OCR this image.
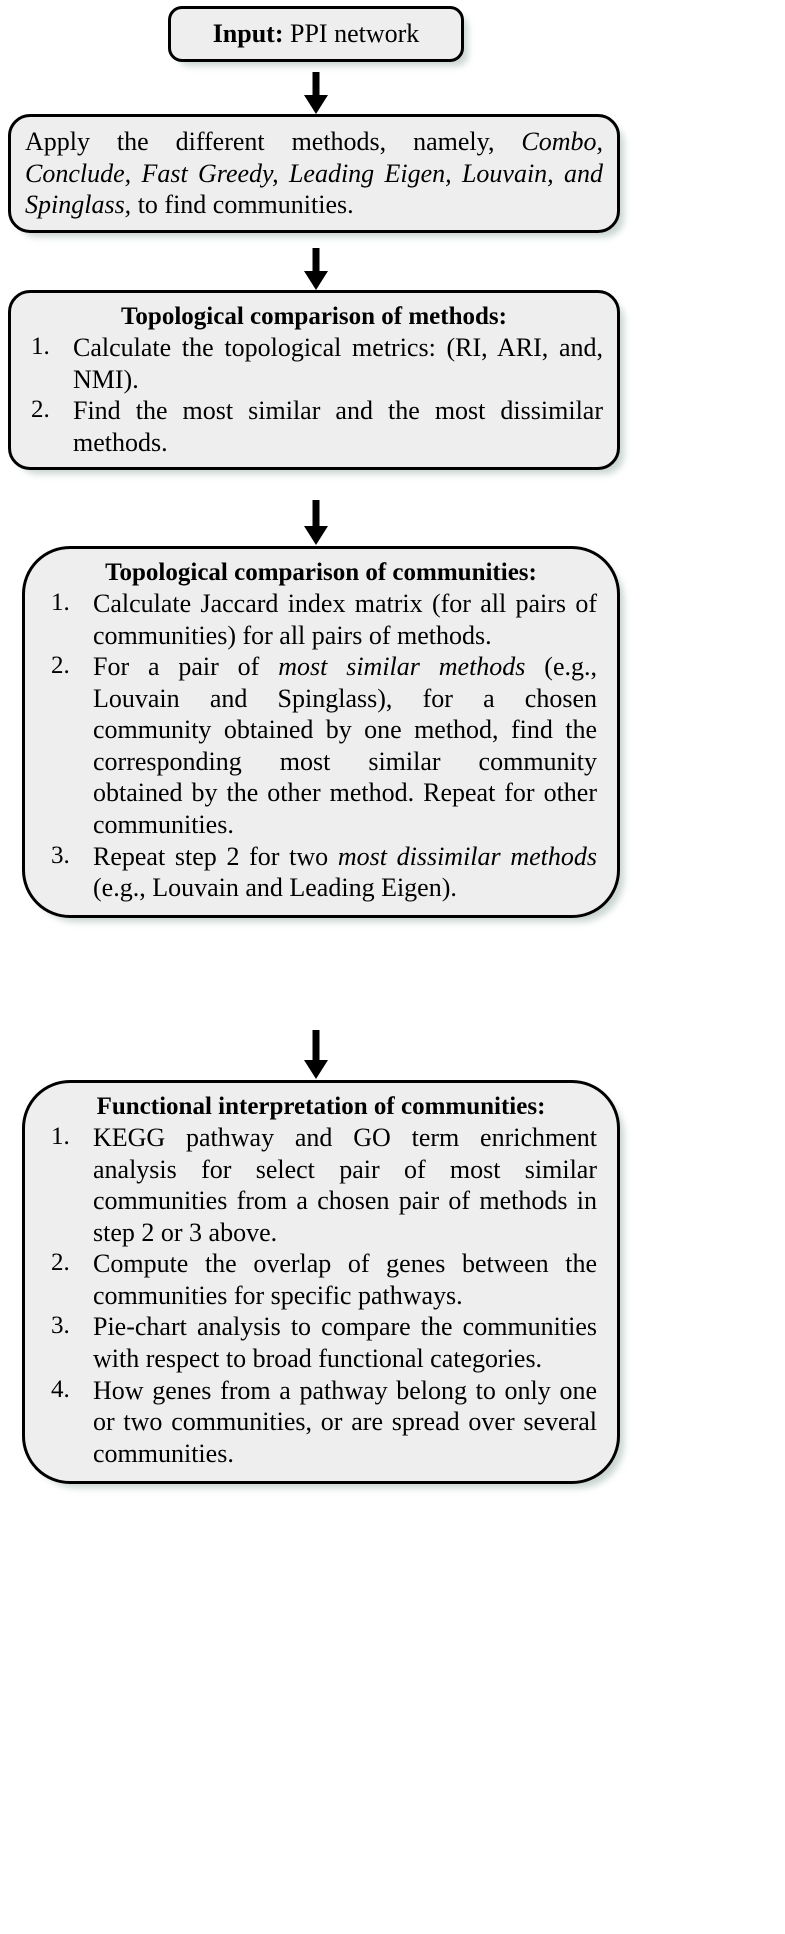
Input: PPI network

Apply the different methods, namely, Combo, Conclude, Fast Greedy, Leading Eigen, Louvain, and Spinglass, to find communities.

Topological comparison of methods:
1. Calculate the topological metrics: (RI, ARI, and, NMI).
2. Find the most similar and the most dissimilar methods.
Topological comparison of communities:
1. Calculate Jaccard index matrix (for all pairs of communities) for all pairs of methods.
2. For a pair of most similar methods (e.g., Louvain and Spinglass), for a chosen community obtained by one method, find the corresponding most similar community obtained by the other method. Repeat for other communities.
3. Repeat step 2 for two most dissimilar methods (e.g., Louvain and Leading Eigen).
Functional interpretation of communities:
1. KEGG pathway and GO term enrichment analysis for select pair of most similar communities from a chosen pair of methods in step 2 or 3 above.
2. Compute the overlap of genes between the communities for specific pathways.
3. Pie-chart analysis to compare the communities with respect to broad functional categories.
4. How genes from a pathway belong to only one or two communities, or are spread over several communities.
